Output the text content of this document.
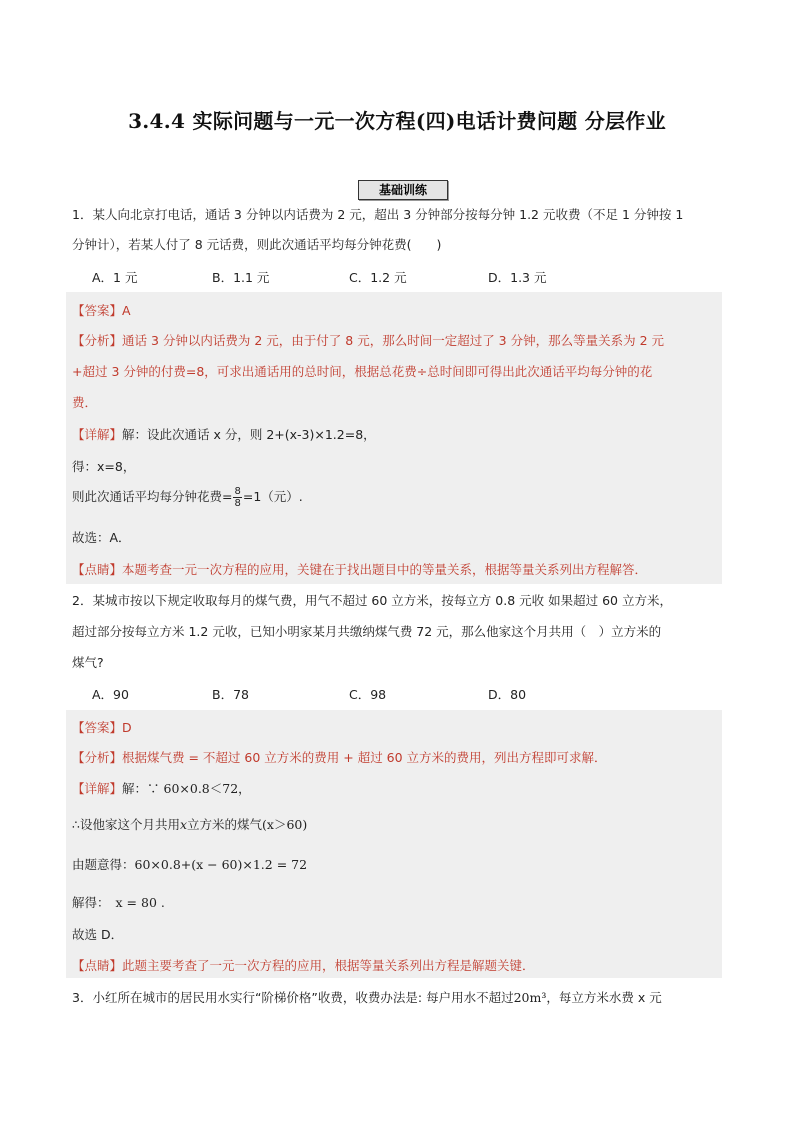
3.4.4 实际问题与一元一次方程(四)电话计费问题 分层作业
基础训练
1．某人向北京打电话，通话 3 分钟以内话费为 2 元，超出 3 分钟部分按每分钟 1.2 元收费（不足 1 分钟按 1
分钟计），若某人付了 8 元话费，则此次通话平均每分钟花费(　　)
A．1 元	B．1.1 元	C．1.2 元	D．1.3 元
【答案】A
【分析】通话 3 分钟以内话费为 2 元，由于付了 8 元，那么时间一定超过了 3 分钟，那么等量关系为 2 元
+超过 3 分钟的付费=8，可求出通话用的总时间，根据总花费÷总时间即可得出此次通话平均每分钟的花
费．
【详解】解：设此次通话 x 分，则 2+(x-3)×1.2=8，
得：x=8，
则此次通话平均每分钟花费= $\frac{8}{8} =1$（元）.
故选：A．
【点睛】本题考查一元一次方程的应用，关键在于找出题目中的等量关系，根据等量关系列出方程解答．
2．某城市按以下规定收取每月的煤气费，用气不超过 60 立方米，按每立方 0.8 元收 如果超过 60 立方米，
超过部分按每立方米 1.2 元收，已知小明家某月共缴纳煤气费 72 元，那么他家这个月共用（　）立方米的
煤气?
A．90	B．78	C．98	D．80
【答案】D
【分析】根据煤气费 = 不超过 60 立方米的费用 + 超过 60 立方米的费用，列出方程即可求解．
【详解】解：∵ 60×0.8＜72，
∴设他家这个月共用x立方米的煤气(x＞60)
由题意得：60×0.8+(x − 60)×1.2 = 72
解得： x = 80 .
故选 D．
【点睛】此题主要考查了一元一次方程的应用，根据等量关系列出方程是解题关键．
3．小红所在城市的居民用水实行“阶梯价格”收费，收费办法是: 每户用水不超过20m³，每立方米水费 x 元
